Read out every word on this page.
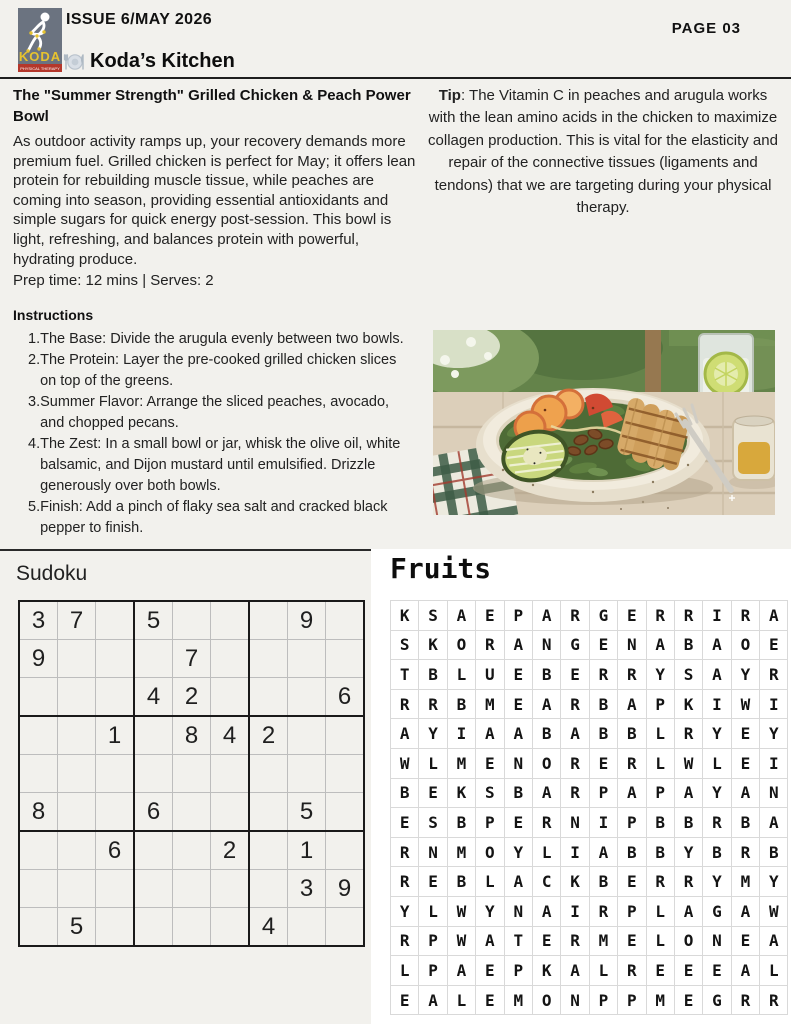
KODA
PHYSICAL THERAPY
ISSUE 6/MAY 2026
PAGE 03
Koda’s Kitchen
The "Summer Strength" Grilled Chicken & Peach Power Bowl
As outdoor activity ramps up, your recovery demands more premium fuel. Grilled chicken is perfect for May; it offers lean protein for rebuilding muscle tissue, while peaches are coming into season, providing essential antioxidants and simple sugars for quick energy post-session. This bowl is light, refreshing, and balances protein with powerful, hydrating produce.
Prep time: 12 mins | Serves: 2
Instructions
1. The Base: Divide the arugula evenly between two bowls.
2. The Protein: Layer the pre-cooked grilled chicken slices on top of the greens.
3. Summer Flavor: Arrange the sliced peaches, avocado, and chopped pecans.
4. The Zest: In a small bowl or jar, whisk the olive oil, white balsamic, and Dijon mustard until emulsified. Drizzle generously over both bowls.
5. Finish: Add a pinch of flaky sea salt and cracked black pepper to finish.
Tip: The Vitamin C in peaches and arugula works with the lean amino acids in the chicken to maximize collagen production. This is vital for the elasticity and repair of the connective tissues (ligaments and tendons) that we are targeting during your physical therapy.
Sudoku
3	7		5				9	
9				7				
			4	2				6
		1		8	4	2		

8			6				5	
		6			2		1	
							3	9
	5					4		
Fruits
K	S	A	E	P	A	R	G	E	R	R	I	R	A
S	K	O	R	A	N	G	E	N	A	B	A	O	E
T	B	L	U	E	B	E	R	R	Y	S	A	Y	R
R	R	B	M	E	A	R	B	A	P	K	I	W	I
A	Y	I	A	A	B	A	B	B	L	R	Y	E	Y
W	L	M	E	N	O	R	E	R	L	W	L	E	I
B	E	K	S	B	A	R	P	A	P	A	Y	A	N
E	S	B	P	E	R	N	I	P	B	B	R	B	A
R	N	M	O	Y	L	I	A	B	B	Y	B	R	B
R	E	B	L	A	C	K	B	E	R	R	Y	M	Y
Y	L	W	Y	N	A	I	R	P	L	A	G	A	W
R	P	W	A	T	E	R	M	E	L	O	N	E	A
L	P	A	E	P	K	A	L	R	E	E	E	A	L
E	A	L	E	M	O	N	P	P	M	E	G	R	R
